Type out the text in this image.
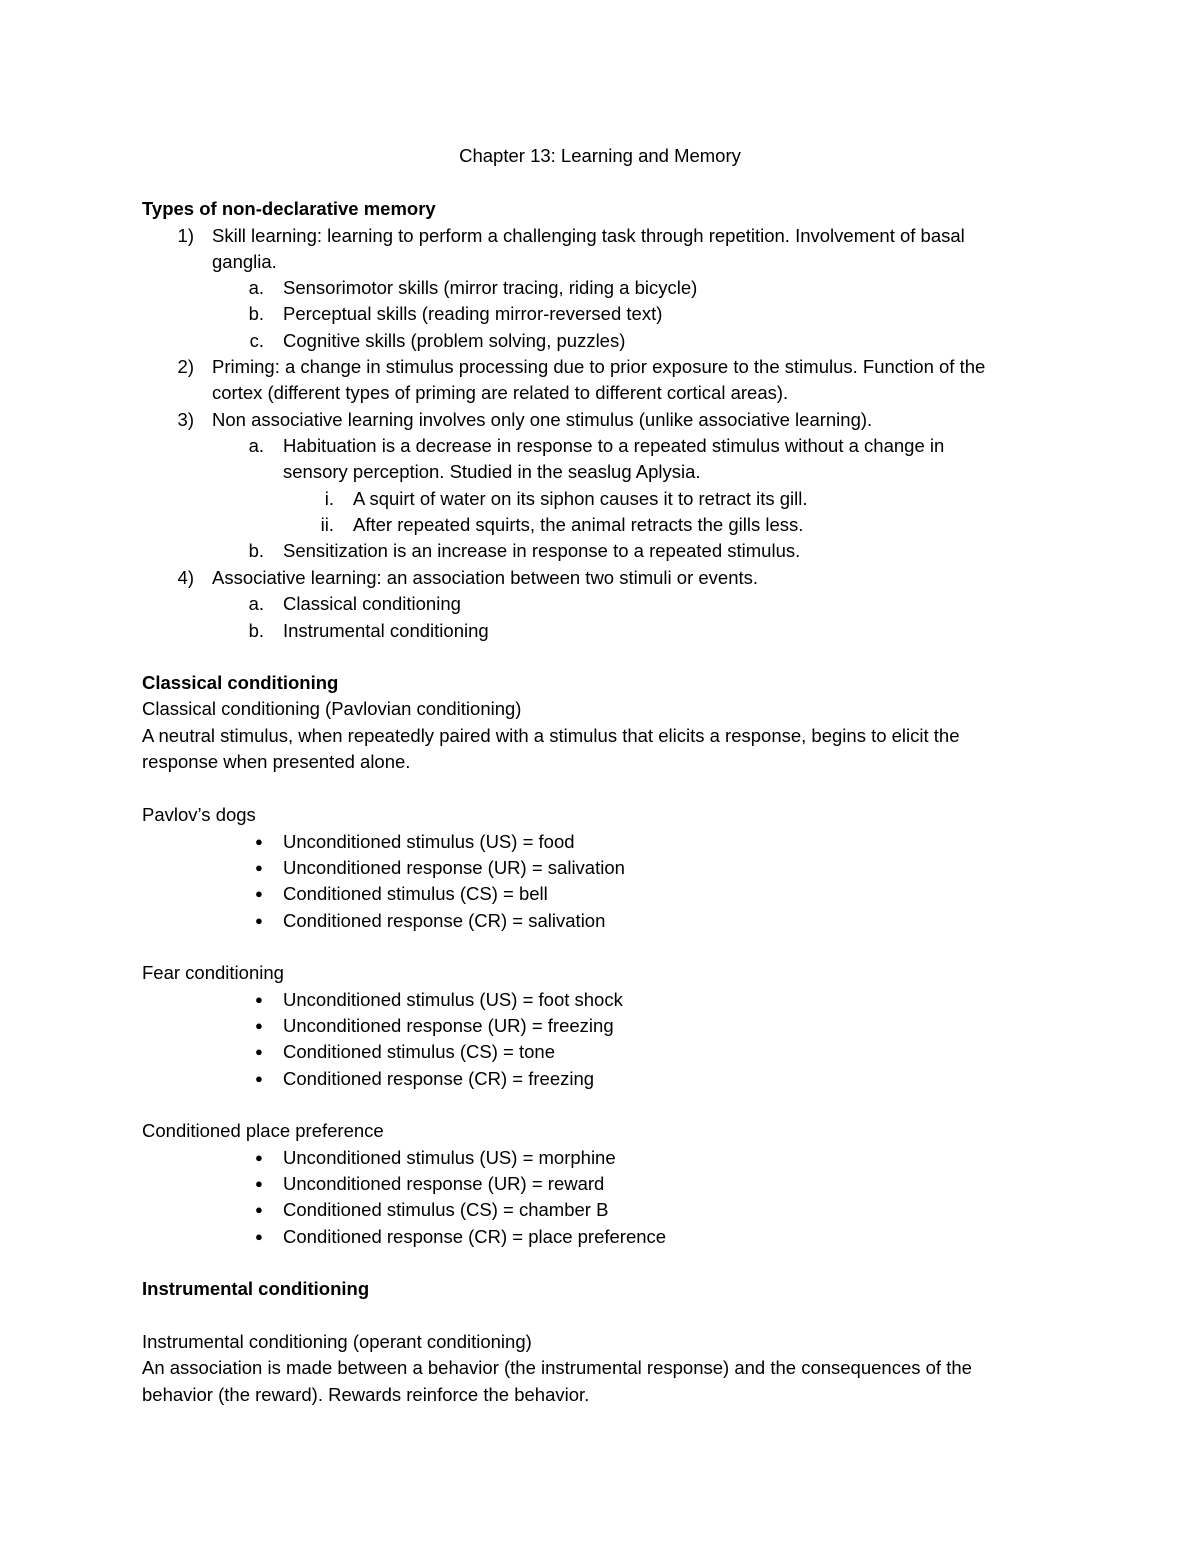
Chapter 13: Learning and Memory
Types of non-declarative memory
1) Skill learning: learning to perform a challenging task through repetition. Involvement of basal
ganglia.
a. Sensorimotor skills (mirror tracing, riding a bicycle)
b. Perceptual skills (reading mirror-reversed text)
c. Cognitive skills (problem solving, puzzles)
2) Priming: a change in stimulus processing due to prior exposure to the stimulus. Function of the
cortex (different types of priming are related to different cortical areas).
3) Non associative learning involves only one stimulus (unlike associative learning).
a. Habituation is a decrease in response to a repeated stimulus without a change in
sensory perception. Studied in the seaslug Aplysia.
i. A squirt of water on its siphon causes it to retract its gill.
ii. After repeated squirts, the animal retracts the gills less.
b. Sensitization is an increase in response to a repeated stimulus.
4) Associative learning: an association between two stimuli or events.
a. Classical conditioning
b. Instrumental conditioning
Classical conditioning
Classical conditioning (Pavlovian conditioning)
A neutral stimulus, when repeatedly paired with a stimulus that elicits a response, begins to elicit the
response when presented alone.
Pavlov’s dogs
● Unconditioned stimulus (US) = food
● Unconditioned response (UR) = salivation
● Conditioned stimulus (CS) = bell
● Conditioned response (CR) = salivation
Fear conditioning
● Unconditioned stimulus (US) = foot shock
● Unconditioned response (UR) = freezing
● Conditioned stimulus (CS) = tone
● Conditioned response (CR) = freezing
Conditioned place preference
● Unconditioned stimulus (US) = morphine
● Unconditioned response (UR) = reward
● Conditioned stimulus (CS) = chamber B
● Conditioned response (CR) = place preference
Instrumental conditioning
Instrumental conditioning (operant conditioning)
An association is made between a behavior (the instrumental response) and the consequences of the
behavior (the reward). Rewards reinforce the behavior.
